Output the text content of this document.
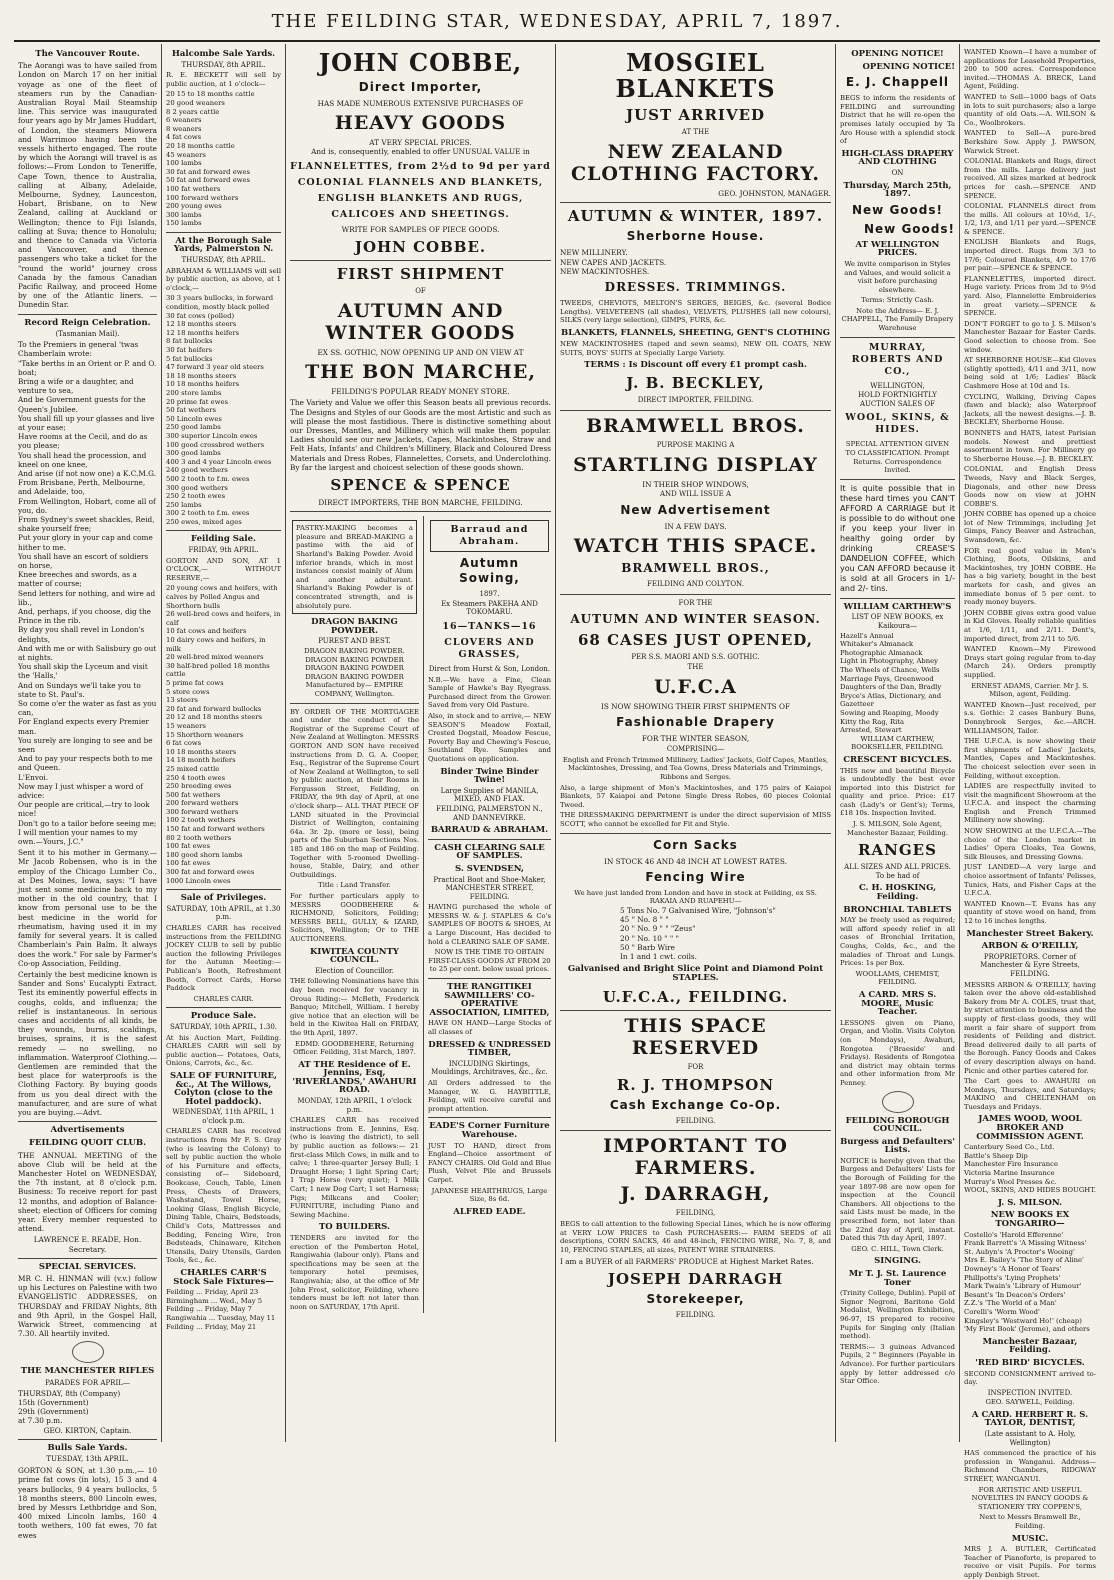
THE FEILDING STAR, WEDNESDAY, APRIL 7, 1897.
The Vancouver Route.
The Aorangi was to have sailed from London on March 17 on her initial voyage as one of the fleet of steamers run by the Canadian-Australian Royal Mail Steamship line. This service was inaugurated four years ago by Mr James Huddart, of London, the steamers Miowera and Warrimoo having been the vessels hitherto engaged. The route by which the Aorangi will travel is as follows:—From London to Teneriffe, Cape Town, thence to Australia, calling at Albany, Adelaide, Melbourne, Sydney, Launceston, Hobart, Brisbane, on to New Zealand, calling at Auckland or Wellington; thence to Fiji Islands, calling at Suva; thence to Honolulu; and thence to Canada via Victoria and Vancouver, and thence passengers who take a ticket for the "round the world" journey cross Canada by the famous Canadian Pacific Railway, and proceed Home by one of the Atlantic liners. —Dunedin Star.
Record Reign Celebration.
(Tasmanian Mail).
To the Premiers in general 'twas Chamberlain wrote:
"Take berths in an Orient or P. and O. boat;
Bring a wife or a daughter, and venture to sea,
And be Government guests for the Queen's Jubilee.
You shall fill up your glasses and live at your ease;
Have rooms at the Cecil, and do as you please;
You shall head the procession, and kneel on one knee,
And arise (if not now one) a K.C.M.G.
From Brisbane, Perth, Melbourne, and Adelaide, too,
From Wellington, Hobart, come all of you, do.
From Sydney's sweet shackles, Reid, shake yourself free;
Put your glory in your cap and come hither to me.
You shall have an escort of soldiers on horse,
Knee breeches and swords, as a matter of course;
Send letters for nothing, and wire ad lib.,
And, perhaps, if you choose, dig the Prince in the rib.
By day you shall revel in London's delights,
And with me or with Salisbury go out at nights.
You shall skip the Lyceum and visit the 'Halls,'
And on Sundays we'll take you to state to St. Paul's.
So come o'er the water as fast as you can,
For England expects every Premier man.
You surely are longing to see and be seen
And to pay your respects both to me and Queen.
L'Envoi.
Now may I just whisper a word of advice:
Our people are critical,—try to look nice!
Don't go to a tailor before seeing me;
I will mention your names to my own.—Yours, J.C."
Sent it to his mother in Germany.—Mr Jacob Robensen, who is in the employ of the Chicago Lumber Co., at Des Moines, Iowa, says: "I have just sent some medicine back to my mother in the old country, that I know from personal use to be the best medicine in the world for rheumatism, having used it in my family for several years. It is called Chamberlain's Pain Balm. It always does the work." For sale by Farmer's Co-op Association, Feilding.
Certainly the best medicine known is Sander and Sons' Eucalypti Extract. Test its eminently powerful effects in coughs, colds, and influenza; the relief is instantaneous. In serious cases and accidents of all kinds, be they wounds, burns, scaldings, bruises, sprains, it is the safest remedy — no swelling, no inflammation. Waterproof Clothing.—Gentlemen are reminded that the best place for waterproofs is the Clothing Factory. By buying goods from us you deal direct with the manufacturer, and are sure of what you are buying.—Advt.
Advertisements
FEILDING QUOIT CLUB.
THE ANNUAL MEETING of the above Club will be held at the Manchester Hotel on WEDNESDAY, the 7th instant, at 8 o'clock p.m. Business: To receive report for past 12 months, and adoption of Balance-sheet; election of Officers for coming year. Every member requested to attend.
LAWRENCE E. READE, Hon. Secretary.
SPECIAL SERVICES.
MR C. H. HINMAN will (v.v.) follow up his Lectures on Palestine with two EVANGELISTIC ADDRESSES, on THURSDAY and FRIDAY Nights, 8th and 9th April, in the Gospel Hall, Warwick Street, commencing at 7.30. All heartily invited.
THE MANCHESTER RIFLES
PARADES FOR APRIL—
THURSDAY, 8th (Company)
15th (Government)
29th (Government)
at 7.30 p.m.
GEO. KIRTON, Captain.
Bulls Sale Yards.
TUESDAY, 13th APRIL.
GORTON & SON, at 1.30 p.m.,— 10 prime fat cows (in lots), 15 3 and 4 years bullocks, 9 4 years bullocks, 5 18 months steers, 800 Lincoln ewes, bred by Messrs Lethbridge and Son, 400 mixed Lincoln lambs, 160 4 tooth wethers, 100 fat ewes, 70 fat ewes
Halcombe Sale Yards.
THURSDAY, 8th APRIL.
R. E. BECKETT will sell by public auction, at 1 o'clock—
20 15 to 18 months cattle
20 good weaners
8 2 years cattle
6 weaners
8 weaners
4 fat cows
20 18 months cattle
45 weaners
100 lambs
30 fat and forward ewes
50 fat and forward ewes
100 fat wethers
100 forward wethers
200 young ewes
300 lambs
150 lambs
At the Borough Sale Yards, Palmerston N.
THURSDAY, 8th APRIL.
ABRAHAM & WILLIAMS will sell by public auction, as above, at 1 o'clock,—
30 3 years bullocks, in forward condition, mostly black polled
30 fat cows (polled)
12 18 months steers
12 18 months heifers
8 fat bullocks
30 fat heifers
5 fat bullocks
47 forward 3 year old steers
18 18 months steers
10 18 months heifers
200 store lambs
20 prime fat ewes
50 fat wethers
50 Lincoln ewes
250 good lambs
300 superior Lincoln ewes
100 good crossbred wethers
300 good lambs
400 3 and 4 year Lincoln ewes
240 good wethers
500 2 tooth to f.m. ewes
300 good wethers
250 2 tooth ewes
250 lambs
300 2 tooth to f.m. ewes
250 ewes, mixed ages
Feilding Sale.
FRIDAY, 9th APRIL.
GORTON AND SON, AT 1 O'CLOCK,— WITHOUT RESERVE,—
20 young cows and heifers, with calves by Polled Angus and Shorthorn bulls
26 well-bred cows and heifers, in calf
10 fat cows and heifers
10 dairy cows and heifers, in milk
20 well-bred mixed weaners
30 half-bred polled 18 months cattle
5 prime fat cows
5 store cows
13 steers
20 fat and forward bullocks
20 12 and 18 months steers
15 weaners
15 Shorthorn weaners
6 fat cows
10 18 months steers
14 18 month heifers
25 mixed cattle
250 4 tooth ewes
250 breeding ewes
500 fat wethers
200 forward wethers
300 forward wethers
100 2 tooth wethers
150 fat and forward wethers
80 2 tooth wethers
100 fat ewes
180 good shorn lambs
100 fat ewes
300 fat and forward ewes
1000 Lincoln ewes
Sale of Privileges.
SATURDAY, 10th APRIL, at 1.30 p.m.
CHARLES CARR has received instructions from the FEILDING JOCKEY CLUB to sell by public auction the following Privileges for the Autumn Meeting:— Publican's Booth, Refreshment Booth, Correct Cards, Horse Paddock
CHARLES CARR.
Produce Sale.
SATURDAY, 10th APRIL, 1.30.
At his Auction Mart, Feilding. CHARLES CARR will sell by public auction— Potatoes, Oats, Onions, Carrots, &c., &c.
SALE OF FURNITURE, &c., At The Willows, Colyton (close to the Hotel paddock).
WEDNESDAY, 11th APRIL, 1 o'clock p.m.
CHARLES CARR has received instructions from Mr F. S. Gray (who is leaving the Colony) to sell by public auction the whole of his Furniture and effects, consisting of— Sideboard, Bookcase, Couch, Table, Linen Press, Chests of Drawers, Washstand, Towel Horse, Looking Glass, English Bicycle, Dining Table, Chairs, Bedsteads, Child's Cots, Mattresses and Bedding, Fencing Wire, Iron Bedsteads, Chinaware, Kitchen Utensils, Dairy Utensils, Garden Tools, &c., &c.
CHARLES CARR'S Stock Sale Fixtures—
Feilding ... Friday, April 23
Birmingham ... Wed., May 5
Feilding ... Friday, May 7
Rangiwahia ... Tuesday, May 11
Feilding ... Friday, May 21
JOHN COBBE,
Direct Importer,
HAS MADE NUMEROUS EXTENSIVE PURCHASES OF
HEAVY GOODS
AT VERY SPECIAL PRICES.
And is, consequently, enabled to offer UNUSUAL VALUE in
FLANNELETTES, from 2½d to 9d per yard
COLONIAL FLANNELS AND BLANKETS,
ENGLISH BLANKETS AND RUGS,
CALICOES AND SHEETINGS.
WRITE FOR SAMPLES OF PIECE GOODS.
JOHN COBBE.
FIRST SHIPMENT
OF
AUTUMN AND WINTER GOODS
EX SS. GOTHIC, NOW OPENING UP AND ON VIEW AT
THE BON MARCHE,
FEILDING'S POPULAR READY MONEY STORE.
The Variety and Value we offer this Season beats all previous records. The Designs and Styles of our Goods are the most Artistic and such as will please the most fastidious. There is distinctive something about our Dresses, Mantles, and Millinery which will make them popular. Ladies should see our new Jackets, Capes, Mackintoshes, Straw and Felt Hats, Infants' and Children's Millinery, Black and Coloured Dress Materials and Dress Robes, Flannelettes, Corsets, and Underclothing. By far the largest and choicest selection of these goods shown.
SPENCE & SPENCE
DIRECT IMPORTERS, THE BON MARCHE, FEILDING.
PASTRY-MAKING becomes a pleasure and BREAD-MAKING a pastime with the aid of Sharland's Baking Powder. Avoid inferior brands, which in most instances consist mainly of Alum and another adulterant. Sharland's Baking Powder is of concentrated strength, and is absolutely pure.
DRAGON BAKING POWDER.
PUREST AND BEST.
DRAGON BAKING POWDER.
DRAGON BAKING POWDER
DRAGON BAKING POWDER
DRAGON BAKING POWDER
Manufactured by— EMPIRE COMPANY, Wellington.
BY ORDER OF THE MORTGAGEE and under the conduct of the Registrar of the Supreme Court of New Zealand at Wellington. MESSRS GORTON AND SON have received instructions from D. G. A. Cooper, Esq., Registrar of the Supreme Court of New Zealand at Wellington, to sell by public auction, at their Rooms in Fergusson Street, Feilding, on FRIDAY, the 9th day of April, at one o'clock sharp— ALL THAT PIECE OF LAND situated in the Provincial District of Wellington, containing 64a. 3r. 2p. (more or less), being parts of the Suburban Sections Nos. 185 and 186 on the map of Feilding. Together with 5-roomed Dwelling-house, Stable, Dairy, and other Outbuildings.
Title : Land Transfer.
For further particulars apply to MESSRS GOODBEHERE & RICHMOND, Solicitors, Feilding; MESSRS BELL, GULLY, & IZARD, Solicitors, Wellington; Or to THE AUCTIONEERS.
KIWITEA COUNTY COUNCIL.
Election of Councillor.
THE following Nominations have this day been received for vacancy in Oroua Riding:— McBeth, Frederick Banquo; Mitchell, William. I hereby give notice that an election will be held in the Kiwitea Hall on FRIDAY, the 9th April, 1897.
EDMD. GOODBEHERE, Returning Officer. Feilding, 31st March, 1897.
AT THE Residence of E. Jennins, Esq, 'RIVERLANDS,' AWAHURI ROAD.
MONDAY, 12th APRIL, 1 o'clock p.m.
CHARLES CARR has received instructions from E. Jennins, Esq. (who is leaving the district), to sell by public auction as follows:— 21 first-class Milch Cows, in milk and to calve; 1 three-quarter Jersey Bull; 1 Draught Horse; 1 light Spring Cart; 1 Trap Horse (very quiet); 1 Milk Cart; 1 new Dog Cart; 1 set Harness; Pigs; Milkcans and Cooler; FURNITURE, including Piano and Sewing Machine.
TO BUILDERS.
TENDERS are invited for the erection of the Pemberton Hotel, Rangiwahia (labour only). Plans and specifications may be seen at the temporary hotel premises, Rangiwahia; also, at the office of Mr John Frost, solicitor, Feilding, where tenders must be left not later than noon on SATURDAY, 17th April.
Barraud and Abraham.
Autumn Sowing,
1897.
Ex Steamers PAKEHA AND TOKOMARU.
16—TANKS—16
CLOVERS AND GRASSES,
Direct from Hurst & Son, London.
N.B.—We have a Fine, Clean Sample of Hawke's Bay Ryegrass. Purchased direct from the Grower. Saved from very Old Pasture.
Also, in stock and to arrive,— NEW SEASON'S Meadow Foxtail, Crested Dogstail, Meadow Fescue, Poverty Bay and Chewing's Fescue, Southland Rye. Samples and Quotations on application.
Binder Twine Binder Twine!
Large Supplies of MANILA, MIXED, AND FLAX.
FEILDING, PALMERSTON N., AND DANNEVIRKE.
BARRAUD & ABRAHAM.
CASH CLEARING SALE OF SAMPLES.
S. SVENDSEN,
Practical Boot and Shoe-Maker, MANCHESTER STREET, FEILDING.
HAVING purchased the whole of MESSRS W. & J. STAPLES & Co's SAMPLES OF BOOTS & SHOES, At a Large Discount, Has decided to hold a CLEARING SALE OF SAME.
NOW IS THE TIME TO OBTAIN FIRST-CLASS GOODS AT FROM 20 to 25 per cent. below usual prices.
THE RANGITIKEI SAWMILLERS' CO-OPERATIVE ASSOCIATION, LIMITED,
HAVE ON HAND—Large Stocks of all classes of
DRESSED & UNDRESSED TIMBER,
INCLUDING Skirtings, Mouldings, Architraves, &c., &c.
All Orders addressed to the Manager, W. G. HAYBITTLE, Feilding, will receive careful and prompt attention.
EADE'S Corner Furniture Warehouse.
JUST TO HAND, direct from England—Choice assortment of FANCY CHAIRS. Old Gold and Blue Plush, Velvet Pile and Brussels Carpet.
JAPANESE HEARTHRUGS, Large Size, 8s 6d.
ALFRED EADE.
MOSGIEL BLANKETS
JUST ARRIVED
AT THE
NEW ZEALAND CLOTHING FACTORY.
GEO. JOHNSTON, MANAGER.
AUTUMN & WINTER, 1897.
Sherborne House.
NEW MILLINERY.
NEW CAPES AND JACKETS.
NEW MACKINTOSHES.
DRESSES. TRIMMINGS.
TWEEDS, CHEVIOTS, MELTON'S SERGES, BEIGES, &c. (several Bodice Lengths). VELVETEENS (all shades), VELVETS, PLUSHES (all new colours), SILKS (very large selection), GIMPS, FURS, &c.
BLANKETS, FLANNELS, SHEETING, GENT'S CLOTHING
NEW MACKINTOSHES (taped and sewn seams), NEW OIL COATS, NEW SUITS, BOYS' SUITS at Specially Large Variety.
TERMS : Is Discount off every £1 prompt cash.
J. B. BECKLEY,
DIRECT IMPORTER, FEILDING.
BRAMWELL BROS.
PURPOSE MAKING A
STARTLING DISPLAY
IN THEIR SHOP WINDOWS,
AND WILL ISSUE A
New Advertisement
IN A FEW DAYS.
WATCH THIS SPACE.
BRAMWELL BROS.,
FEILDING AND COLYTON.
FOR THE
AUTUMN AND WINTER SEASON.
68 CASES JUST OPENED,
PER S.S. MAORI AND S.S. GOTHIC.
THE
U.F.C.A
IS NOW SHOWING THEIR FIRST SHIPMENTS OF
Fashionable Drapery
FOR THE WINTER SEASON,
COMPRISING—
English and French Trimmed Millinery, Ladies' Jackets, Golf Capes, Mantles, Mackintoshes, Dressing, and Tea Gowns, Dress Materials and Trimmings, Ribbons and Serges.
Also, a large shipment of Men's Mackintoshes, and 175 pairs of Kaiapoi Blankets, 57 Kaiapoi and Petone Single Dress Robes, 60 pieces Colonial Tweed.
THE DRESSMAKING DEPARTMENT is under the direct supervision of MISS SCOTT, who cannot be excelled for Fit and Style.
Corn Sacks
IN STOCK 46 AND 48 INCH AT LOWEST RATES.
Fencing Wire
We have just landed from London and have in stock at Feilding, ex SS. RAKAIA AND RUAPEHU—
5 Tons No. 7 Galvanised Wire, "Johnson's"
45 " No. 8 " "
20 " No. 9 " " "Zeus"
20 " No. 10 " " "
50 " Barb Wire
In 1 and 1 cwt. coils.
Galvanised and Bright Slice Point and Diamond Point STAPLES.
U.F.C.A., FEILDING.
THIS SPACE RESERVED
FOR
R. J. THOMPSON
Cash Exchange Co-Op.
FEILDING.
IMPORTANT TO FARMERS.
J. DARRAGH,
FEILDING,
BEGS to call attention to the following Special Lines, which he is now offering at VERY LOW PRICES to Cash PURCHASERS:— FARM SEEDS of all descriptions, CORN SACKS, 46 and 48-inch, FENCING WIRE, No. 7, 8, and 10, FENCING STAPLES, all sizes, PATENT WIRE STRAINERS.
I am a BUYER of all FARMERS' PRODUCE at Highest Market Rates.
JOSEPH DARRAGH
Storekeeper,
FEILDING.
OPENING NOTICE!
OPENING NOTICE!
E. J. Chappell
BEGS to inform the residents of FEILDING and surrounding District that he will re-open the premises lately occupied by Ta Aro House with a splendid stock of
HIGH-CLASS DRAPERY AND CLOTHING
ON
Thursday, March 25th, 1897.
New Goods!
New Goods!
AT WELLINGTON PRICES.
We invite comparison in Styles and Values, and would solicit a visit before purchasing elsewhere.
Terms: Strictly Cash.
Note the Address— E. J. CHAPPELL, The Family Drapery Warehouse
MURRAY, ROBERTS AND CO.,
WELLINGTON,
HOLD FORTNIGHTLY AUCTION SALES OF
WOOL, SKINS, & HIDES.
SPECIAL ATTENTION GIVEN TO CLASSIFICATION. Prompt Returns. Correspondence Invited.
It is quite possible that in these hard times you CAN'T AFFORD A CARRIAGE but it is possible to do without one if you keep your liver in healthy going order by drinking CREASE'S DANDELION COFFEE, which you CAN AFFORD because it is sold at all Grocers in 1/- and 2/- tins.
WILLIAM CARTHEW'S
LIST OF NEW BOOKS, ex Kaikoura—
Hazell's Annual
Whitaker's Almanack
Photographic Almanack
Light in Photography, Abney
The Wheels of Chance, Wells
Marriage Pays, Greenwood
Daughters of the Dan, Bradly
Bryce's Atlas, Dictionary, and Gazetteer
Sowing and Reaping, Moody
Kitty the Rag, Rita
Arrested, Stewart
WILLIAM CARTHEW, BOOKSELLER, FEILDING.
CRESCENT BICYCLES.
THIS new and beautiful Bicycle is undoubtedly the best ever imported into this District for quality and price. Price: £17 cash (Lady's or Gent's); Terms, £18 10s. Inspection Invited.
J. S. MILSON, Sole Agent, Manchester Bazaar, Feilding.
RANGES
ALL SIZES AND ALL PRICES. To be had of
C. H. HOSKING, Feilding.
BRONCHIAL TABLETS
MAY be freely used as required; will afford speedy relief in all cases of Bronchial Irritation, Coughs, Colds, &c., and the maladies of Throat and Lungs. Prices: 1s per Box.
WOOLLAMS, CHEMIST, FEILDING.
A CARD. MRS S. MOORE, Music Teacher.
LESSONS given on Piano, Organ, and Violin. Visits Colyton (on Mondays), Awahuri, Rongotea ('Braeside' and Fridays). Residents of Rongotea and district may obtain terms and other information from Mr Penney.
FEILDING BOROUGH COUNCIL.
Burgess and Defaulters' Lists.
NOTICE is hereby given that the Burgess and Defaulters' Lists for the Borough of Feilding for the year 1897-98 are now open for inspection at the Council Chambers. All objections to the said Lists must be made, in the prescribed form, not later than the 22nd day of April, instant. Dated this 7th day April, 1897.
GEO. C. HILL, Town Clerk.
SINGING.
Mr T. J. St. Laurence Toner
(Trinity College, Dublin). Pupil of Signor Negroni, Baritone Gold Medalist, Wellington Exhibition, 96-97, IS prepared to receive Pupils for Singing only (Italian method).
TERMS:— 3 guineas Advanced Pupils, 2 " Beginners (Payable in Advance). For further particulars apply by letter addressed c/o Star Office.
WANTED Known—I have a number of applications for Leasehold Properties, 200 to 500 acres. Correspondence invited.—THOMAS A. BRECK, Land Agent, Feilding.
WANTED to Sell—1000 bags of Oats in lots to suit purchasers; also a large quantity of old Oats.—A. WILSON & Co., Woolbrokers.
WANTED to Sell—A pure-bred Berkshire Sow. Apply J. PAWSON, Warwick Street.
COLONIAL Blankets and Rugs, direct from the mills. Large delivery just received. All sizes marked at bedrock prices for cash.—SPENCE AND SPENCE.
COLONIAL FLANNELS direct from the mills. All colours at 10½d, 1/-, 1/2, 1/3, and 1/11 per yard.—SPENCE & SPENCE.
ENGLISH Blankets and Rugs, imported direct. Rugs from 3/3 to 17/6; Coloured Blankets, 4/9 to 17/6 per pair.—SPENCE & SPENCE.
FLANNELETTES, imported direct. Huge variety. Prices from 3d to 9½d yard. Also, Flannelette Embroideries in great variety.—SPENCE & SPENCE.
DON'T FORGET to go to J. S. Milson's Manchester Bazaar for Easter Cards. Good selection to choose from. See window.
AT SHERBORNE HOUSE—Kid Gloves (slightly spotted), 4/11 and 3/11, now being sold at 1/6; Ladies' Black Cashmere Hose at 10d and 1s.
CYCLING, Walking, Driving Capes (fawn and black); also Waterproof Jackets, all the newest designs.—J. B. BECKLEY, Sherborne House.
BONNETS and HATS, latest Parisian models. Newest and prettiest assortment in town. For Millinery go to Sherborne House.—J. B. BECKLEY.
COLONIAL and English Dress Tweeds, Navy and Black Serges, Diagonals, and other new Dress Goods now on view at JOHN COBBE'S.
JOHN COBBE has opened up a choice lot of New Trimmings, including Jet Gimps, Fancy Beaver and Astrachan, Swansdown, &c.
FOR real good value in Men's Clothing, Boots, Oilskins, and Mackintoshes, try JOHN COBBE. He has a big variety, bought in the best markets for cash, and gives an immediate bonus of 5 per cent. to ready money buyers.
JOHN COBBE gives extra good value in Kid Gloves. Really reliable qualities at 1/6, 1/11, and 2/11. Dent's, imported direct, from 2/11 to 5/6.
WANTED Known—My Firewood Drays start going regular from to-day (March 24). Orders promptly supplied.
ERNEST ADAMS, Carrier. Mr J. S. Milson, agent, Feilding.
WANTED Known—Just received, per s.s. Gothic: 2 cases Banbury Buns, Donnybrook Serges, &c.—ARCH. WILLIAMSON, Tailor.
THE U.F.C.A. is now showing their first shipments of Ladies' Jackets, Mantles, Capes and Mackintoshes. The choicest selection ever seen in Feilding, without exception.
LADIES are respectfully invited to visit the magnificent Showroom at the U.F.C.A. and inspect the charming English and French Trimmed Millinery now showing.
NOW SHOWING at the U.F.C.A.—The choice of the London market in Ladies' Opera Cloaks, Tea Gowns, Silk Blouses, and Dressing Gowns.
JUST LANDED—A very large and choice assortment of Infants' Pelisses, Tunics, Hats, and Fisher Caps at the U.F.C.A.
WANTED Known—T. Evans has any quantity of stove wood on hand, from 12 to 16 inches lengths.
Manchester Street Bakery.
ARBON & O'REILLY,
PROPRIETORS. Corner of Manchester & Eyre Streets, FEILDING.
MESSRS ARBON & O'REILLY, having taken over the above old-established Bakery from Mr A. COLES, trust that, by strict attention to business and the supply of first-class goods, they will merit a fair share of support from residents of Feilding and district. Bread delivered daily to all parts of the Borough. Fancy Goods and Cakes of every description always on hand. Picnic and other parties catered for.
The Cart goes to AWAHURI on Mondays, Thursdays, and Saturdays; MAKINO and CHELTENHAM on Tuesdays and Fridays.
JAMES WOOD, WOOL BROKER AND COMMISSION AGENT.
Canterbury Seed Co., Ltd.
Battle's Sheep Dip
Manchester Fire Insurance
Victoria Marine Insurance
Murray's Wool Presses &c.
WOOL, SKINS, AND HIDES BOUGHT.
J. S. MILSON.
NEW BOOKS EX TONGARIRO—
Costello's 'Harold Efferenne'
Frank Barrett's 'A Missing Witness'
St. Aubyn's 'A Proctor's Wooing'
Mrs E. Bailey's 'The Story of Aline'
Downey's 'A Honor of Tears'
Phillpotts's 'Lying Prophets'
Mark Twain's 'Library of Humour'
Besant's 'In Deacon's Orders'
Z.Z.'s 'The World of a Man'
Corelli's 'Worm Wood'
Kingsley's 'Westward Ho!' (cheap)
'My First Book' (Jerome), and others
Manchester Bazaar, Feilding.
'RED BIRD' BICYCLES.
SECOND CONSIGNMENT arrived to-day.
INSPECTION INVITED.
GEO. SAYWELL, Feilding.
A CARD. HERBERT R. S. TAYLOR, DENTIST,
(Late assistant to A. Holy, Wellington)
HAS commenced the practice of his profession in Wanganui. Address— Richmond Chambers, RIDGWAY STREET, WANGANUI.
FOR ARTISTIC AND USEFUL NOVELTIES IN FANCY GOODS & STATIONERY TRY COPPEN'S,
Next to Messrs Bramwell Br., Feilding.
MUSIC.
MRS J. A. BUTLER, Certificated Teacher of Pianoforte, is prepared to receive or visit Pupils. For terms apply Denbigh Street.
